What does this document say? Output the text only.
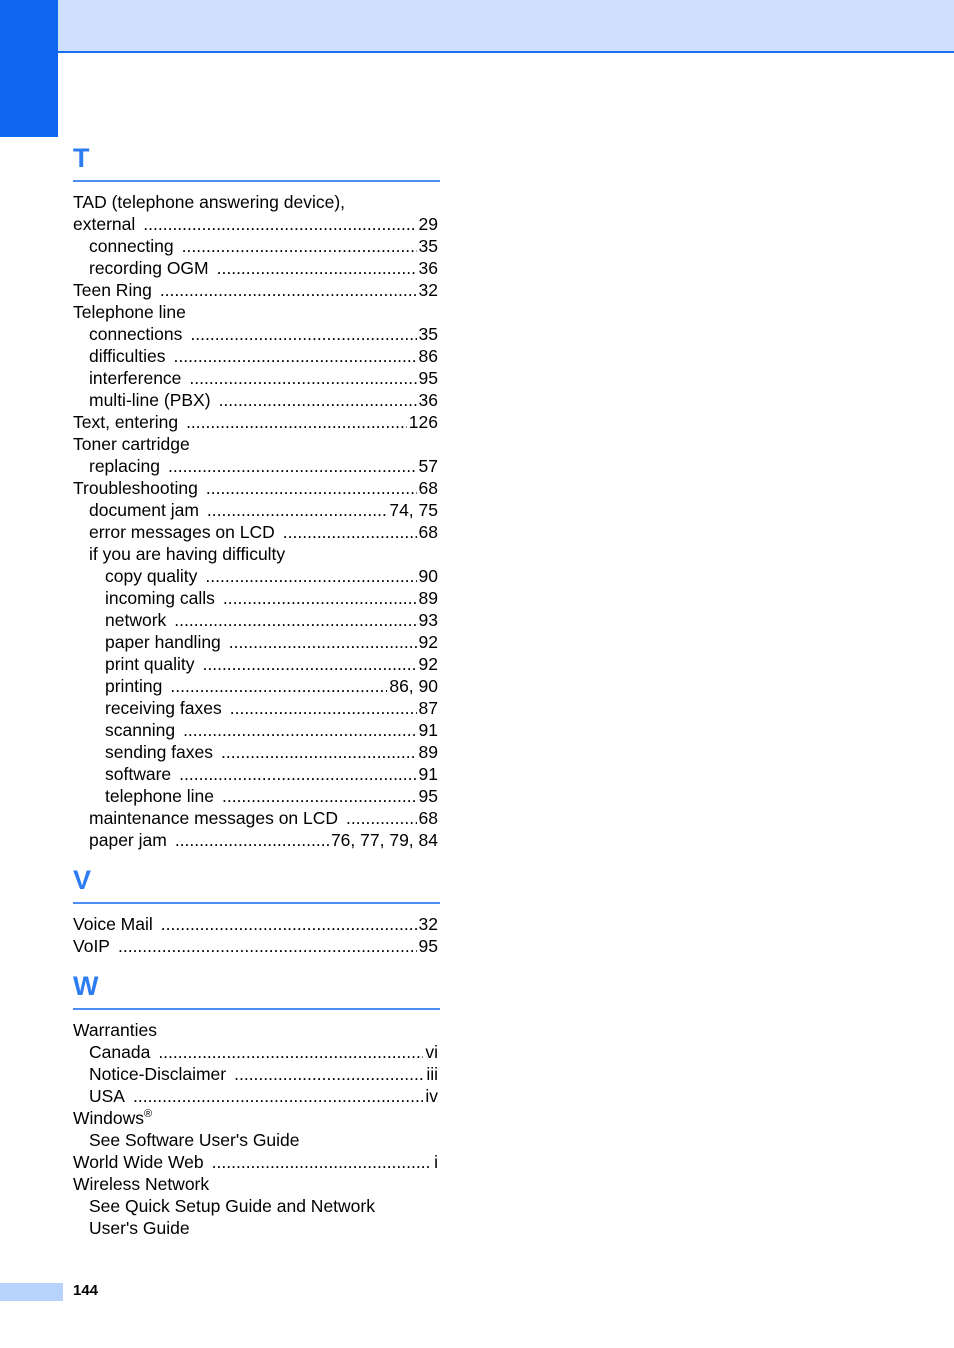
T
TAD (telephone answering device),
external .....	29
connecting .....	35
recording OGM .....	36
Teen Ring .....	32
Telephone line
connections .....	35
difficulties .....	86
interference .....	95
multi-line (PBX) .....	36
Text, entering .....	126
Toner cartridge
replacing .....	57
Troubleshooting .....	68
document jam .....	74, 75
error messages on LCD .....	68
if you are having difficulty
copy quality .....	90
incoming calls .....	89
network .....	93
paper handling .....	92
print quality .....	92
printing .....	86, 90
receiving faxes .....	87
scanning .....	91
sending faxes .....	89
software .....	91
telephone line .....	95
maintenance messages on LCD .....	68
paper jam .....	76, 77, 79, 84
V
Voice Mail .....	32
VoIP .....	95
W
Warranties
Canada .....	vi
Notice-Disclaimer .....	iii
USA .....	iv
Windows®
See Software User's Guide
World Wide Web .....	i
Wireless Network
See Quick Setup Guide and Network
User's Guide
144
